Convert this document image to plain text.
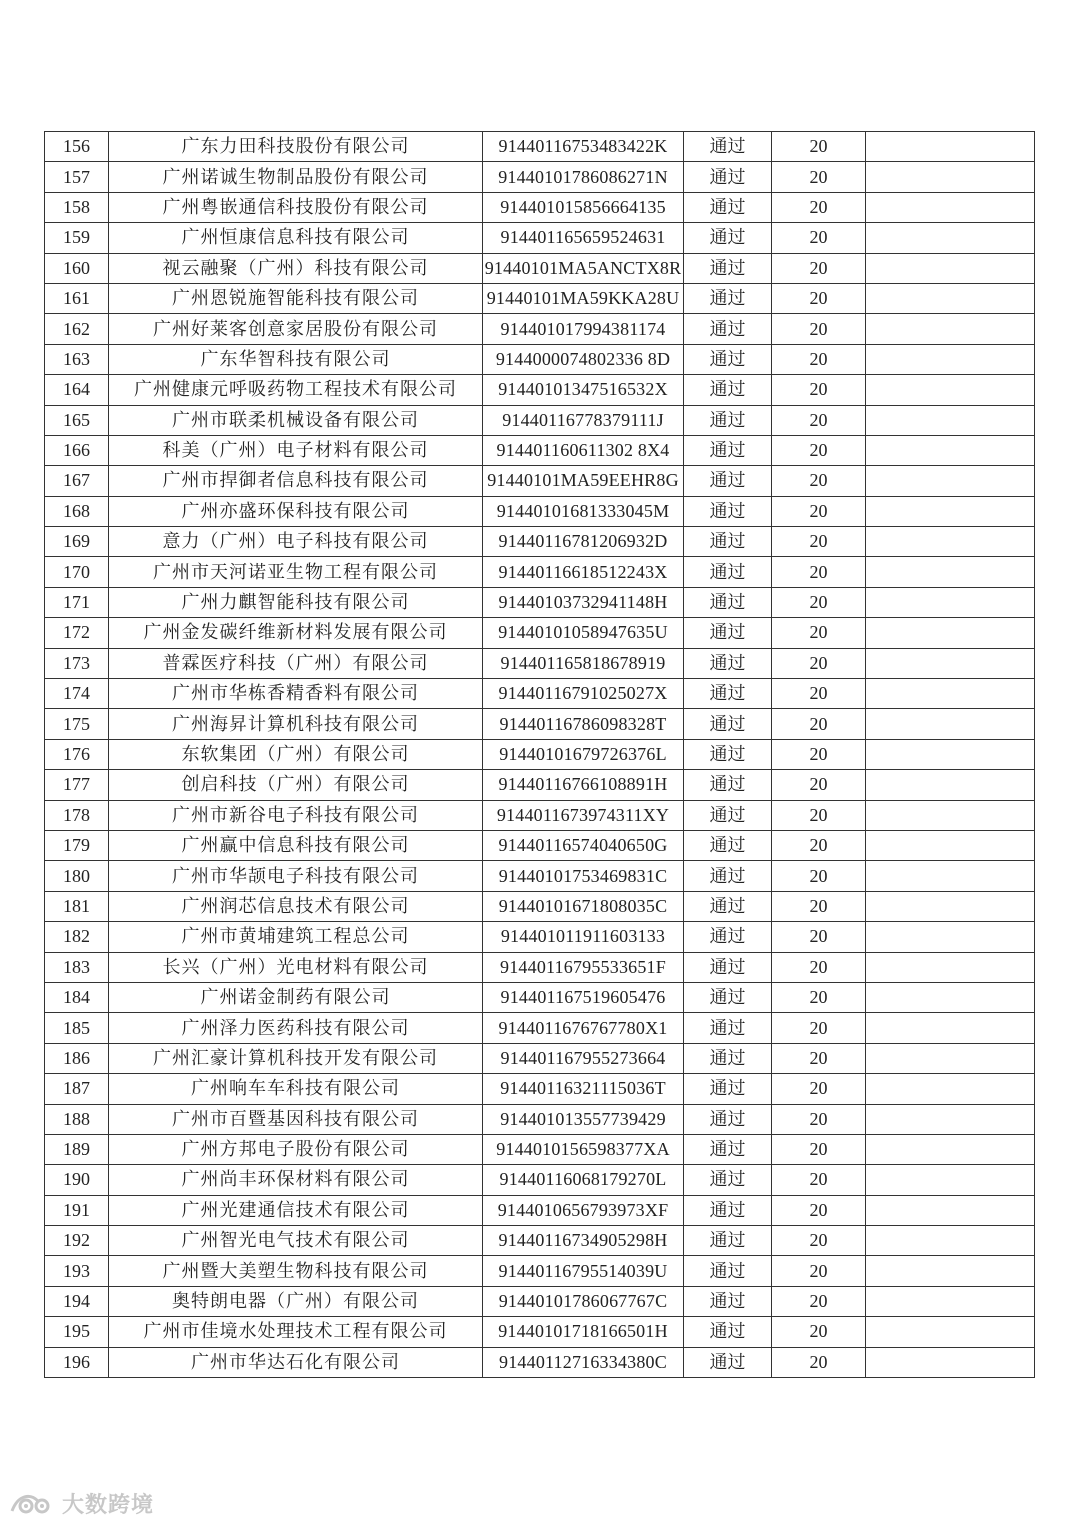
156	广东力田科技股份有限公司	91440116753483422K	通过	20	
157	广州诺诚生物制品股份有限公司	91440101786086271N	通过	20	
158	广州粤嵌通信科技股份有限公司	914401015856664135	通过	20	
159	广州恒康信息科技有限公司	914401165659524631	通过	20	
160	视云融聚（广州）科技有限公司	91440101MA5ANCTX8R	通过	20	
161	广州恩锐施智能科技有限公司	91440101MA59KKA28U	通过	20	
162	广州好莱客创意家居股份有限公司	914401017994381174	通过	20	
163	广东华智科技有限公司	9144000074802336 8D	通过	20	
164	广州健康元呼吸药物工程技术有限公司	91440101347516532X	通过	20	
165	广州市联柔机械设备有限公司	91440116778379111J	通过	20	
166	科美（广州）电子材料有限公司	914401160611302 8X4	通过	20	
167	广州市捍御者信息科技有限公司	91440101MA59EEHR8G	通过	20	
168	广州亦盛环保科技有限公司	91440101681333045M	通过	20	
169	意力（广州）电子科技有限公司	91440116781206932D	通过	20	
170	广州市天河诺亚生物工程有限公司	91440116618512243X	通过	20	
171	广州力麒智能科技有限公司	91440103732941148H	通过	20	
172	广州金发碳纤维新材料发展有限公司	91440101058947635U	通过	20	
173	普霖医疗科技（广州）有限公司	914401165818678919	通过	20	
174	广州市华栋香精香料有限公司	91440116791025027X	通过	20	
175	广州海昇计算机科技有限公司	91440116786098328T	通过	20	
176	东软集团（广州）有限公司	91440101679726376L	通过	20	
177	创启科技（广州）有限公司	91440116766108891H	通过	20	
178	广州市新谷电子科技有限公司	9144011673974311XY	通过	20	
179	广州赢中信息科技有限公司	91440116574040650G	通过	20	
180	广州市华颉电子科技有限公司	91440101753469831C	通过	20	
181	广州润芯信息技术有限公司	91440101671808035C	通过	20	
182	广州市黄埔建筑工程总公司	914401011911603133	通过	20	
183	长兴（广州）光电材料有限公司	91440116795533651F	通过	20	
184	广州诺金制药有限公司	914401167519605476	通过	20	
185	广州泽力医药科技有限公司	9144011676767780X1	通过	20	
186	广州汇豪计算机科技开发有限公司	914401167955273664	通过	20	
187	广州响车车科技有限公司	91440116321115036T	通过	20	
188	广州市百暨基因科技有限公司	914401013557739429	通过	20	
189	广州方邦电子股份有限公司	9144010156598377XA	通过	20	
190	广州尚丰环保材料有限公司	91440116068179270L	通过	20	
191	广州光建通信技术有限公司	9144010656793973XF	通过	20	
192	广州智光电气技术有限公司	91440116734905298H	通过	20	
193	广州暨大美塑生物科技有限公司	91440116795514039U	通过	20	
194	奥特朗电器（广州）有限公司	91440101786067767C	通过	20	
195	广州市佳境水处理技术工程有限公司	91440101718166501H	通过	20	
196	广州市华达石化有限公司	91440112716334380C	通过	20	
大数跨境
